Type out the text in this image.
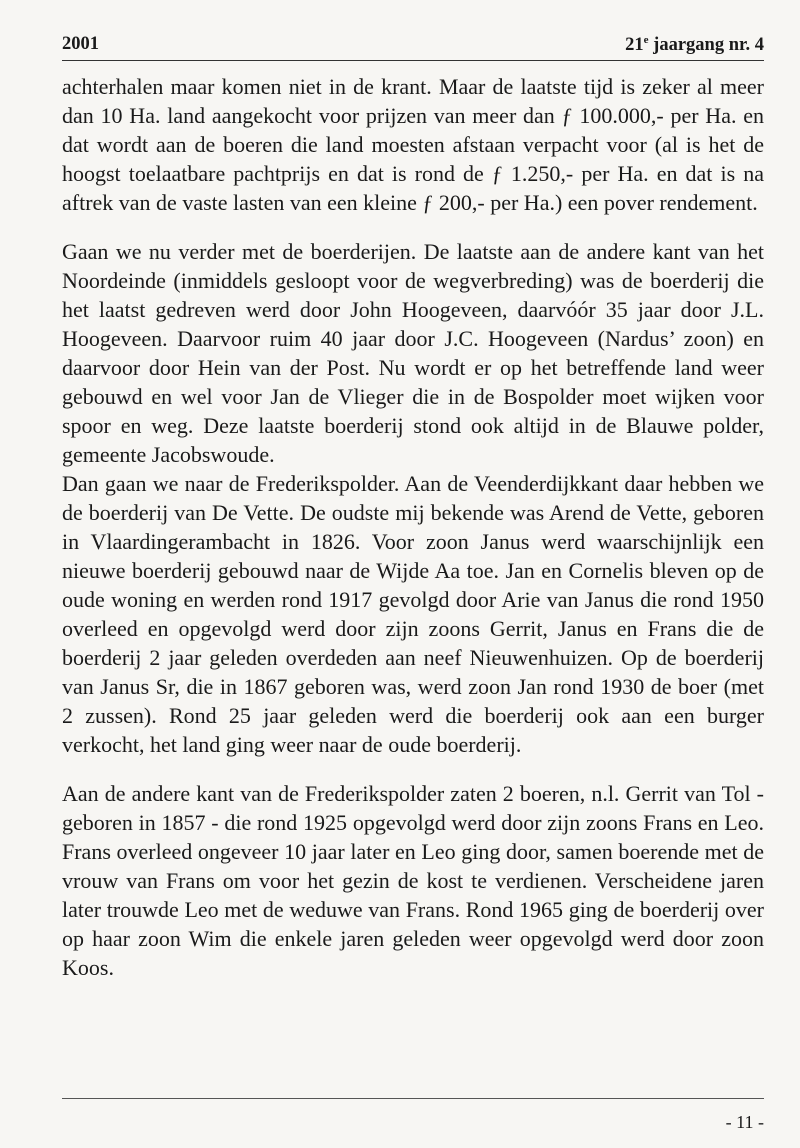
2001	21e jaargang nr. 4

achterhalen maar komen niet in de krant. Maar de laatste tijd is zeker al meer dan 10 Ha. land aangekocht voor prijzen van meer dan ƒ 100.000,- per Ha. en dat wordt aan de boeren die land moesten afstaan verpacht voor (al is het de hoogst toelaatbare pachtprijs en dat is rond de ƒ 1.250,- per Ha. en dat is na aftrek van de vaste lasten van een kleine ƒ 200,- per Ha.) een pover rendement.

Gaan we nu verder met de boerderijen. De laatste aan de andere kant van het Noordeinde (inmiddels gesloopt voor de wegverbreding) was de boerderij die het laatst gedreven werd door John Hoogeveen, daarvóór 35 jaar door J.L. Hoogeveen. Daarvoor ruim 40 jaar door J.C. Hoogeveen (Nardus’ zoon) en daarvoor door Hein van der Post. Nu wordt er op het betreffende land weer gebouwd en wel voor Jan de Vlieger die in de Bospolder moet wijken voor spoor en weg. Deze laatste boerderij stond ook altijd in de Blauwe polder, gemeente Jacobswoude.

Dan gaan we naar de Frederikspolder. Aan de Veenderdijkkant daar hebben we de boerderij van De Vette. De oudste mij bekende was Arend de Vette, geboren in Vlaardingerambacht in 1826. Voor zoon Janus werd waarschijnlijk een nieuwe boerderij gebouwd naar de Wijde Aa toe. Jan en Cornelis bleven op de oude woning en werden rond 1917 gevolgd door Arie van Janus die rond 1950 overleed en opgevolgd werd door zijn zoons Gerrit, Janus en Frans die de boerderij 2 jaar geleden overdeden aan neef Nieuwenhuizen. Op de boerderij van Janus Sr, die in 1867 geboren was, werd zoon Jan rond 1930 de boer (met 2 zussen). Rond 25 jaar geleden werd die boerderij ook aan een burger verkocht, het land ging weer naar de oude boerderij.

Aan de andere kant van de Frederikspolder zaten 2 boeren, n.l. Gerrit van Tol - geboren in 1857 - die rond 1925 opgevolgd werd door zijn zoons Frans en Leo. Frans overleed ongeveer 10 jaar later en Leo ging door, samen boerende met de vrouw van Frans om voor het gezin de kost te verdienen. Verscheidene jaren later trouwde Leo met de weduwe van Frans. Rond 1965 ging de boerderij over op haar zoon Wim die enkele jaren geleden weer opgevolgd werd door zoon Koos.

- 11 -
